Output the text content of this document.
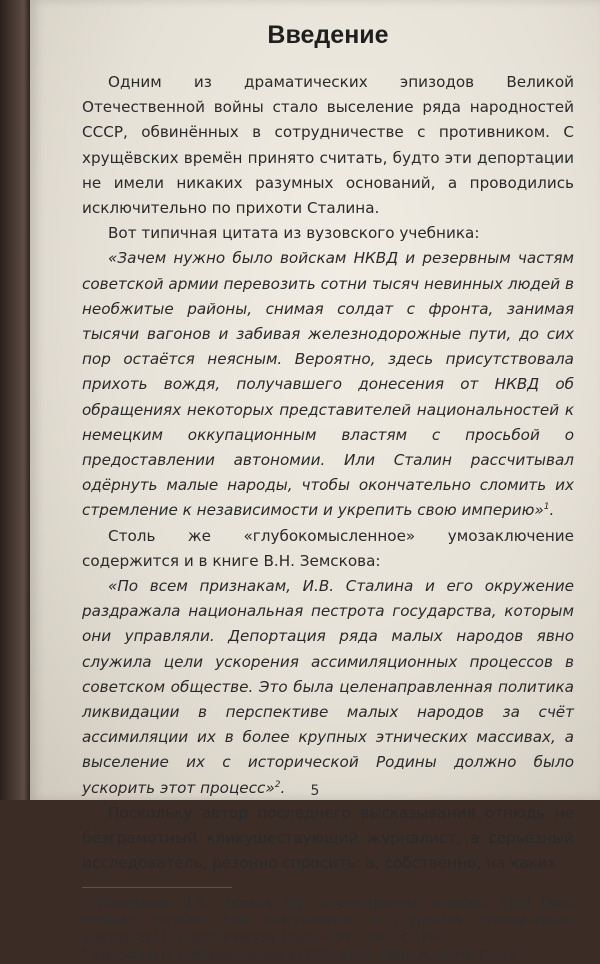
Введение

Одним из драматических эпизодов Великой Отечественной войны стало выселение ряда народностей СССР, обвинённых в сотрудничестве с противником. С хрущёвских времён принято считать, будто эти депортации не имели никаких разумных оснований, а проводились исключительно по прихоти Сталина.

Вот типичная цитата из вузовского учебника:

«Зачем нужно было войскам НКВД и резервным частям советской армии перевозить сотни тысяч невинных людей в необжитые районы, снимая солдат с фронта, занимая тысячи вагонов и забивая железнодорожные пути, до сих пор остаётся неясным. Вероятно, здесь присутствовала прихоть вождя, получавшего донесения от НКВД об обращениях некоторых представителей национальностей к немецким оккупационным властям с просьбой о предоставлении автономии. Или Сталин рассчитывал одёрнуть малые народы, чтобы окончательно сломить их стремление к независимости и укрепить свою империю»$^1$.

Столь же «глубокомысленное» умозаключение содержится и в книге В.Н. Земскова:

«По всем признакам, И.В. Сталина и его окружение раздражала национальная пестрота государства, которым они управляли. Депортация ряда малых народов явно служила цели ускорения ассимиляционных процессов в советском обществе. Это была целенаправленная политика ликвидации в перспективе малых народов за счёт ассимиляции их в более крупных этнических массивах, а выселение их с исторической Родины должно было ускорить этот процесс»$^2$.

Поскольку автор последнего высказывания отнюдь не безграмотный кликушествующий журналист, а серьёзный исследователь, резонно спросить: а, собственно, на каких

$^1$ Поливанов О.А., Рожков Б.Г. Отечественная история. 1917–1945. Учебное пособие для абитуриентов и студентов гуманитарных факультетов педагогических вузов. СПб., 1997. С.128.

$^2$ Земсков В.Н. Спецпоселенцы в СССР, 1930–1960. М., 2003. С.107.

5
